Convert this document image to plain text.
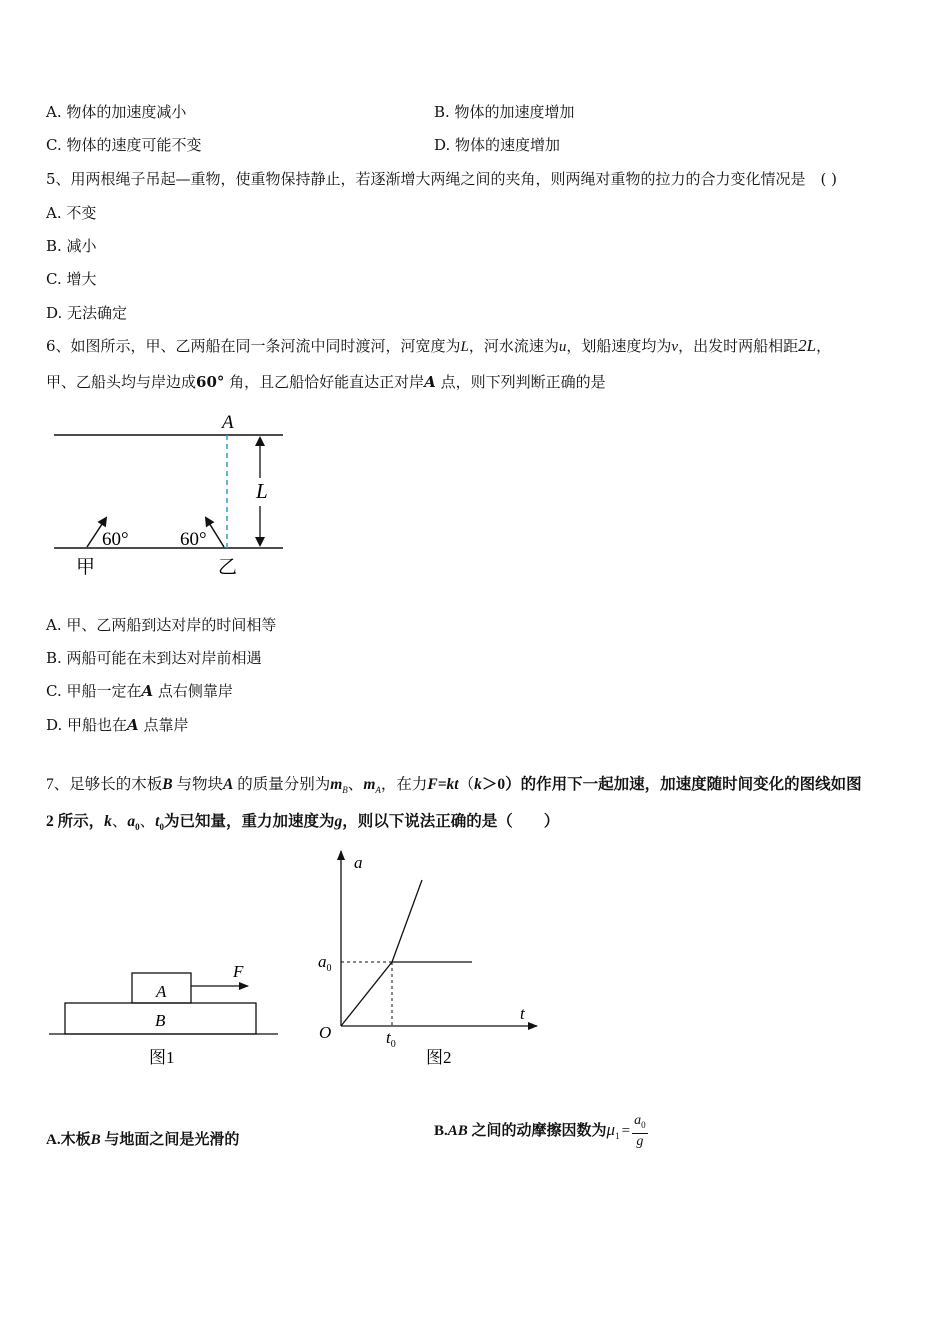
A. 物体的加速度减小	B. 物体的加速度增加
C. 物体的速度可能不变	D. 物体的速度增加
5、用两根绳子吊起—重物，使重物保持静止，若逐渐增大两绳之间的夹角，则两绳对重物的拉力的合力变化情况是　( )
A. 不变
B. 减小
C. 增大
D. 无法确定
6、如图所示，甲、乙两船在同一条河流中同时渡河，河宽度为L，河水流速为u，划船速度均为v，出发时两船相距2L，
甲、乙船头均与岸边成60° 角，且乙船恰好能直达正对岸A 点，则下列判断正确的是
A
L
60°	60°
甲	乙
A. 甲、乙两船到达对岸的时间相等
B. 两船可能在未到达对岸前相遇
C. 甲船一定在A 点右侧靠岸
D. 甲船也在A 点靠岸
7、足够长的木板B 与物块A 的质量分别为$m_B$、$m_A$，在力F=kt（k＞0）的作用下一起加速，加速度随时间变化的图线如图
2 所示，k、$a_0$、$t_0$为已知量，重力加速度为g，则以下说法正确的是（　　）
F
A
B
图1
a
t
O
$a_0$
$t_0$
图2
A.木板B 与地面之间是光滑的
B.AB 之间的动摩擦因数为$\mu_1 = \frac{a_0}{g}$
